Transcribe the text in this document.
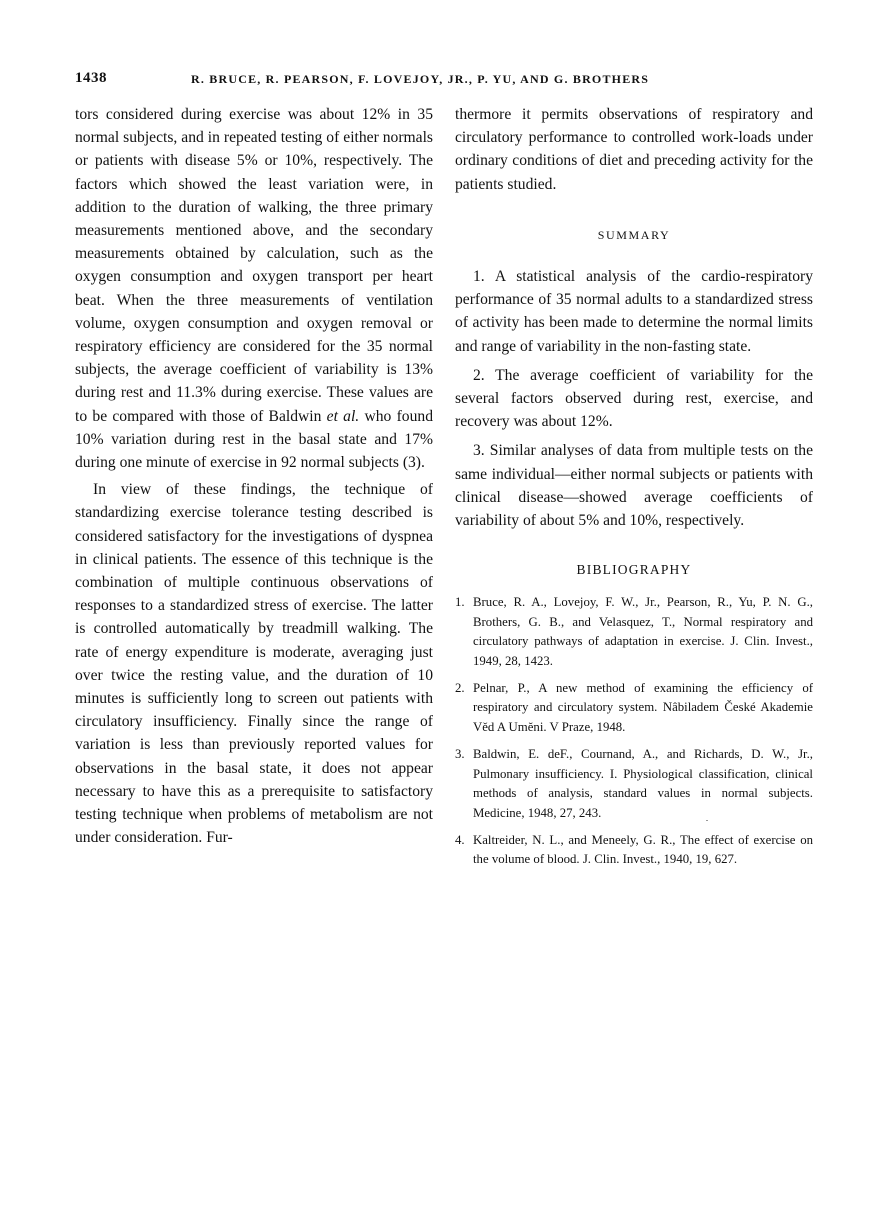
1438	R. BRUCE, R. PEARSON, F. LOVEJOY, JR., P. YU, AND G. BROTHERS

tors considered during exercise was about 12% in 35 normal subjects, and in repeated testing of either normals or patients with disease 5% or 10%, respectively. The factors which showed the least variation were, in addition to the duration of walking, the three primary measurements mentioned above, and the secondary measurements obtained by calculation, such as the oxygen consumption and oxygen transport per heart beat. When the three measurements of ventilation volume, oxygen consumption and oxygen removal or respiratory efficiency are considered for the 35 normal subjects, the average coefficient of variability is 13% during rest and 11.3% during exercise. These values are to be compared with those of Baldwin et al. who found 10% variation during rest in the basal state and 17% during one minute of exercise in 92 normal subjects (3).

In view of these findings, the technique of standardizing exercise tolerance testing described is considered satisfactory for the investigations of dyspnea in clinical patients. The essence of this technique is the combination of multiple continuous observations of responses to a standardized stress of exercise. The latter is controlled automatically by treadmill walking. The rate of energy expenditure is moderate, averaging just over twice the resting value, and the duration of 10 minutes is sufficiently long to screen out patients with circulatory insufficiency. Finally since the range of variation is less than previously reported values for observations in the basal state, it does not appear necessary to have this as a prerequisite to satisfactory testing technique when problems of metabolism are not under consideration. Fur-

thermore it permits observations of respiratory and circulatory performance to controlled work-loads under ordinary conditions of diet and preceding activity for the patients studied.

SUMMARY

1. A statistical analysis of the cardio-respiratory performance of 35 normal adults to a standardized stress of activity has been made to determine the normal limits and range of variability in the non-fasting state.

2. The average coefficient of variability for the several factors observed during rest, exercise, and recovery was about 12%.

3. Similar analyses of data from multiple tests on the same individual—either normal subjects or patients with clinical disease—showed average coefficients of variability of about 5% and 10%, respectively.

BIBLIOGRAPHY

1. Bruce, R. A., Lovejoy, F. W., Jr., Pearson, R., Yu, P. N. G., Brothers, G. B., and Velasquez, T., Normal respiratory and circulatory pathways of adaptation in exercise. J. Clin. Invest., 1949, 28, 1423.
2. Pelnar, P., A new method of examining the efficiency of respiratory and circulatory system. Nâbiladem České Akademie Věd A Umĕni. V Praze, 1948.
3. Baldwin, E. deF., Cournand, A., and Richards, D. W., Jr., Pulmonary insufficiency. I. Physiological classification, clinical methods of analysis, standard values in normal subjects. Medicine, 1948, 27, 243.
4. Kaltreider, N. L., and Meneely, G. R., The effect of exercise on the volume of blood. J. Clin. Invest., 1940, 19, 627.
